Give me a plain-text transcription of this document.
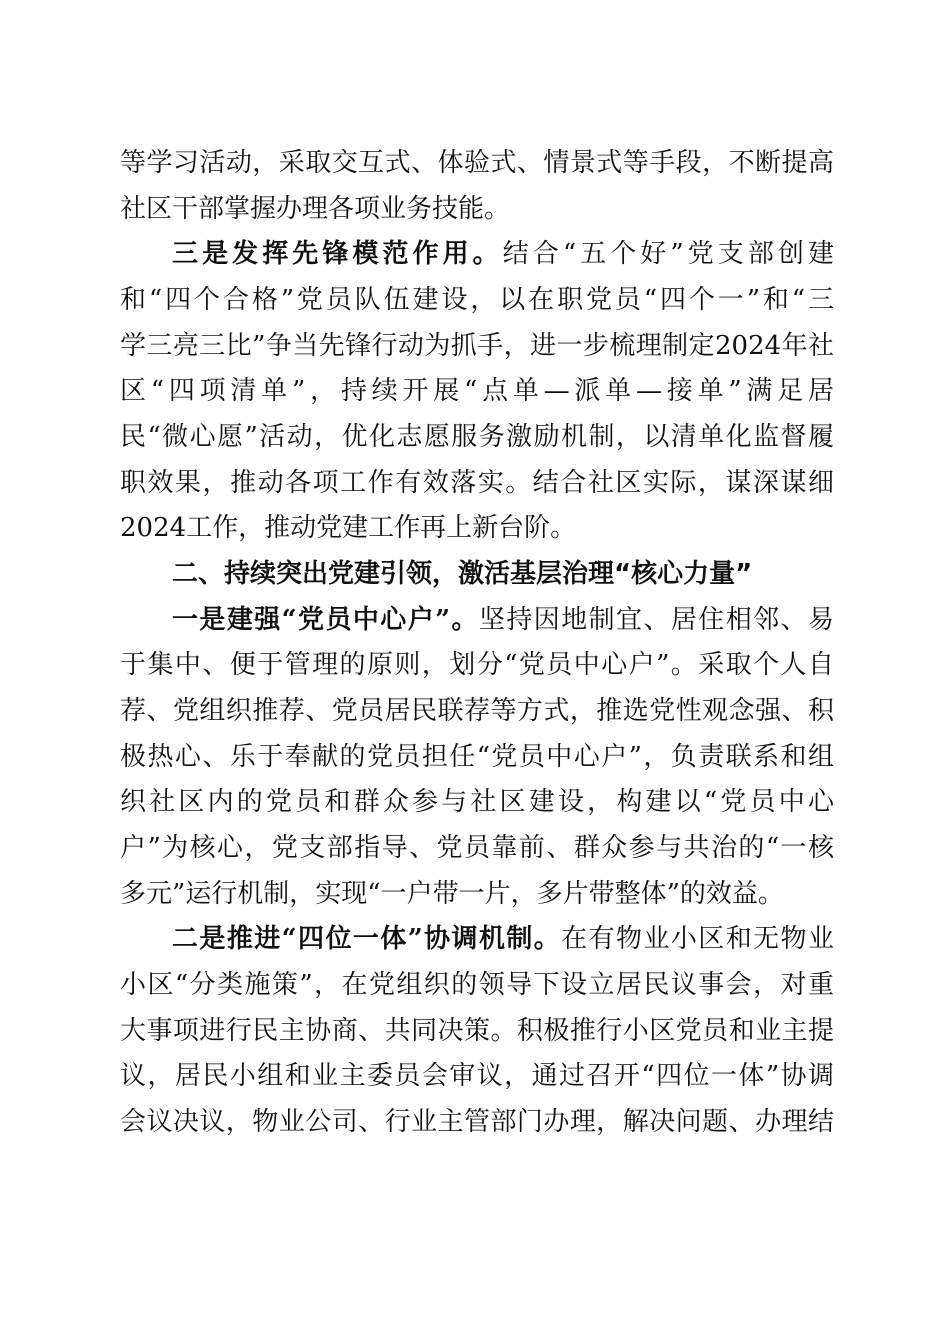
等学习活动，采取交互式、体验式、情景式等手段，不断提高
社区干部掌握办理各项业务技能。
三是发挥先锋模范作用。结合“五个好”党支部创建
和“四个合格”党员队伍建设，以在职党员“四个一”和“三
学三亮三比”争当先锋行动为抓手，进一步梳理制定2024年社
区“四项清单”，持续开展“点单—派单—接单”满足居
民“微心愿”活动，优化志愿服务激励机制，以清单化监督履
职效果，推动各项工作有效落实。结合社区实际，谋深谋细
2024工作，推动党建工作再上新台阶。
二、持续突出党建引领，激活基层治理“核心力量”
一是建强“党员中心户”。坚持因地制宜、居住相邻、易
于集中、便于管理的原则，划分“党员中心户”。采取个人自
荐、党组织推荐、党员居民联荐等方式，推选党性观念强、积
极热心、乐于奉献的党员担任“党员中心户”，负责联系和组
织社区内的党员和群众参与社区建设，构建以“党员中心
户”为核心，党支部指导、党员靠前、群众参与共治的“一核
多元”运行机制，实现“一户带一片，多片带整体”的效益。
二是推进“四位一体”协调机制。在有物业小区和无物业
小区“分类施策”，在党组织的领导下设立居民议事会，对重
大事项进行民主协商、共同决策。积极推行小区党员和业主提
议，居民小组和业主委员会审议，通过召开“四位一体”协调
会议决议，物业公司、行业主管部门办理，解决问题、办理结
